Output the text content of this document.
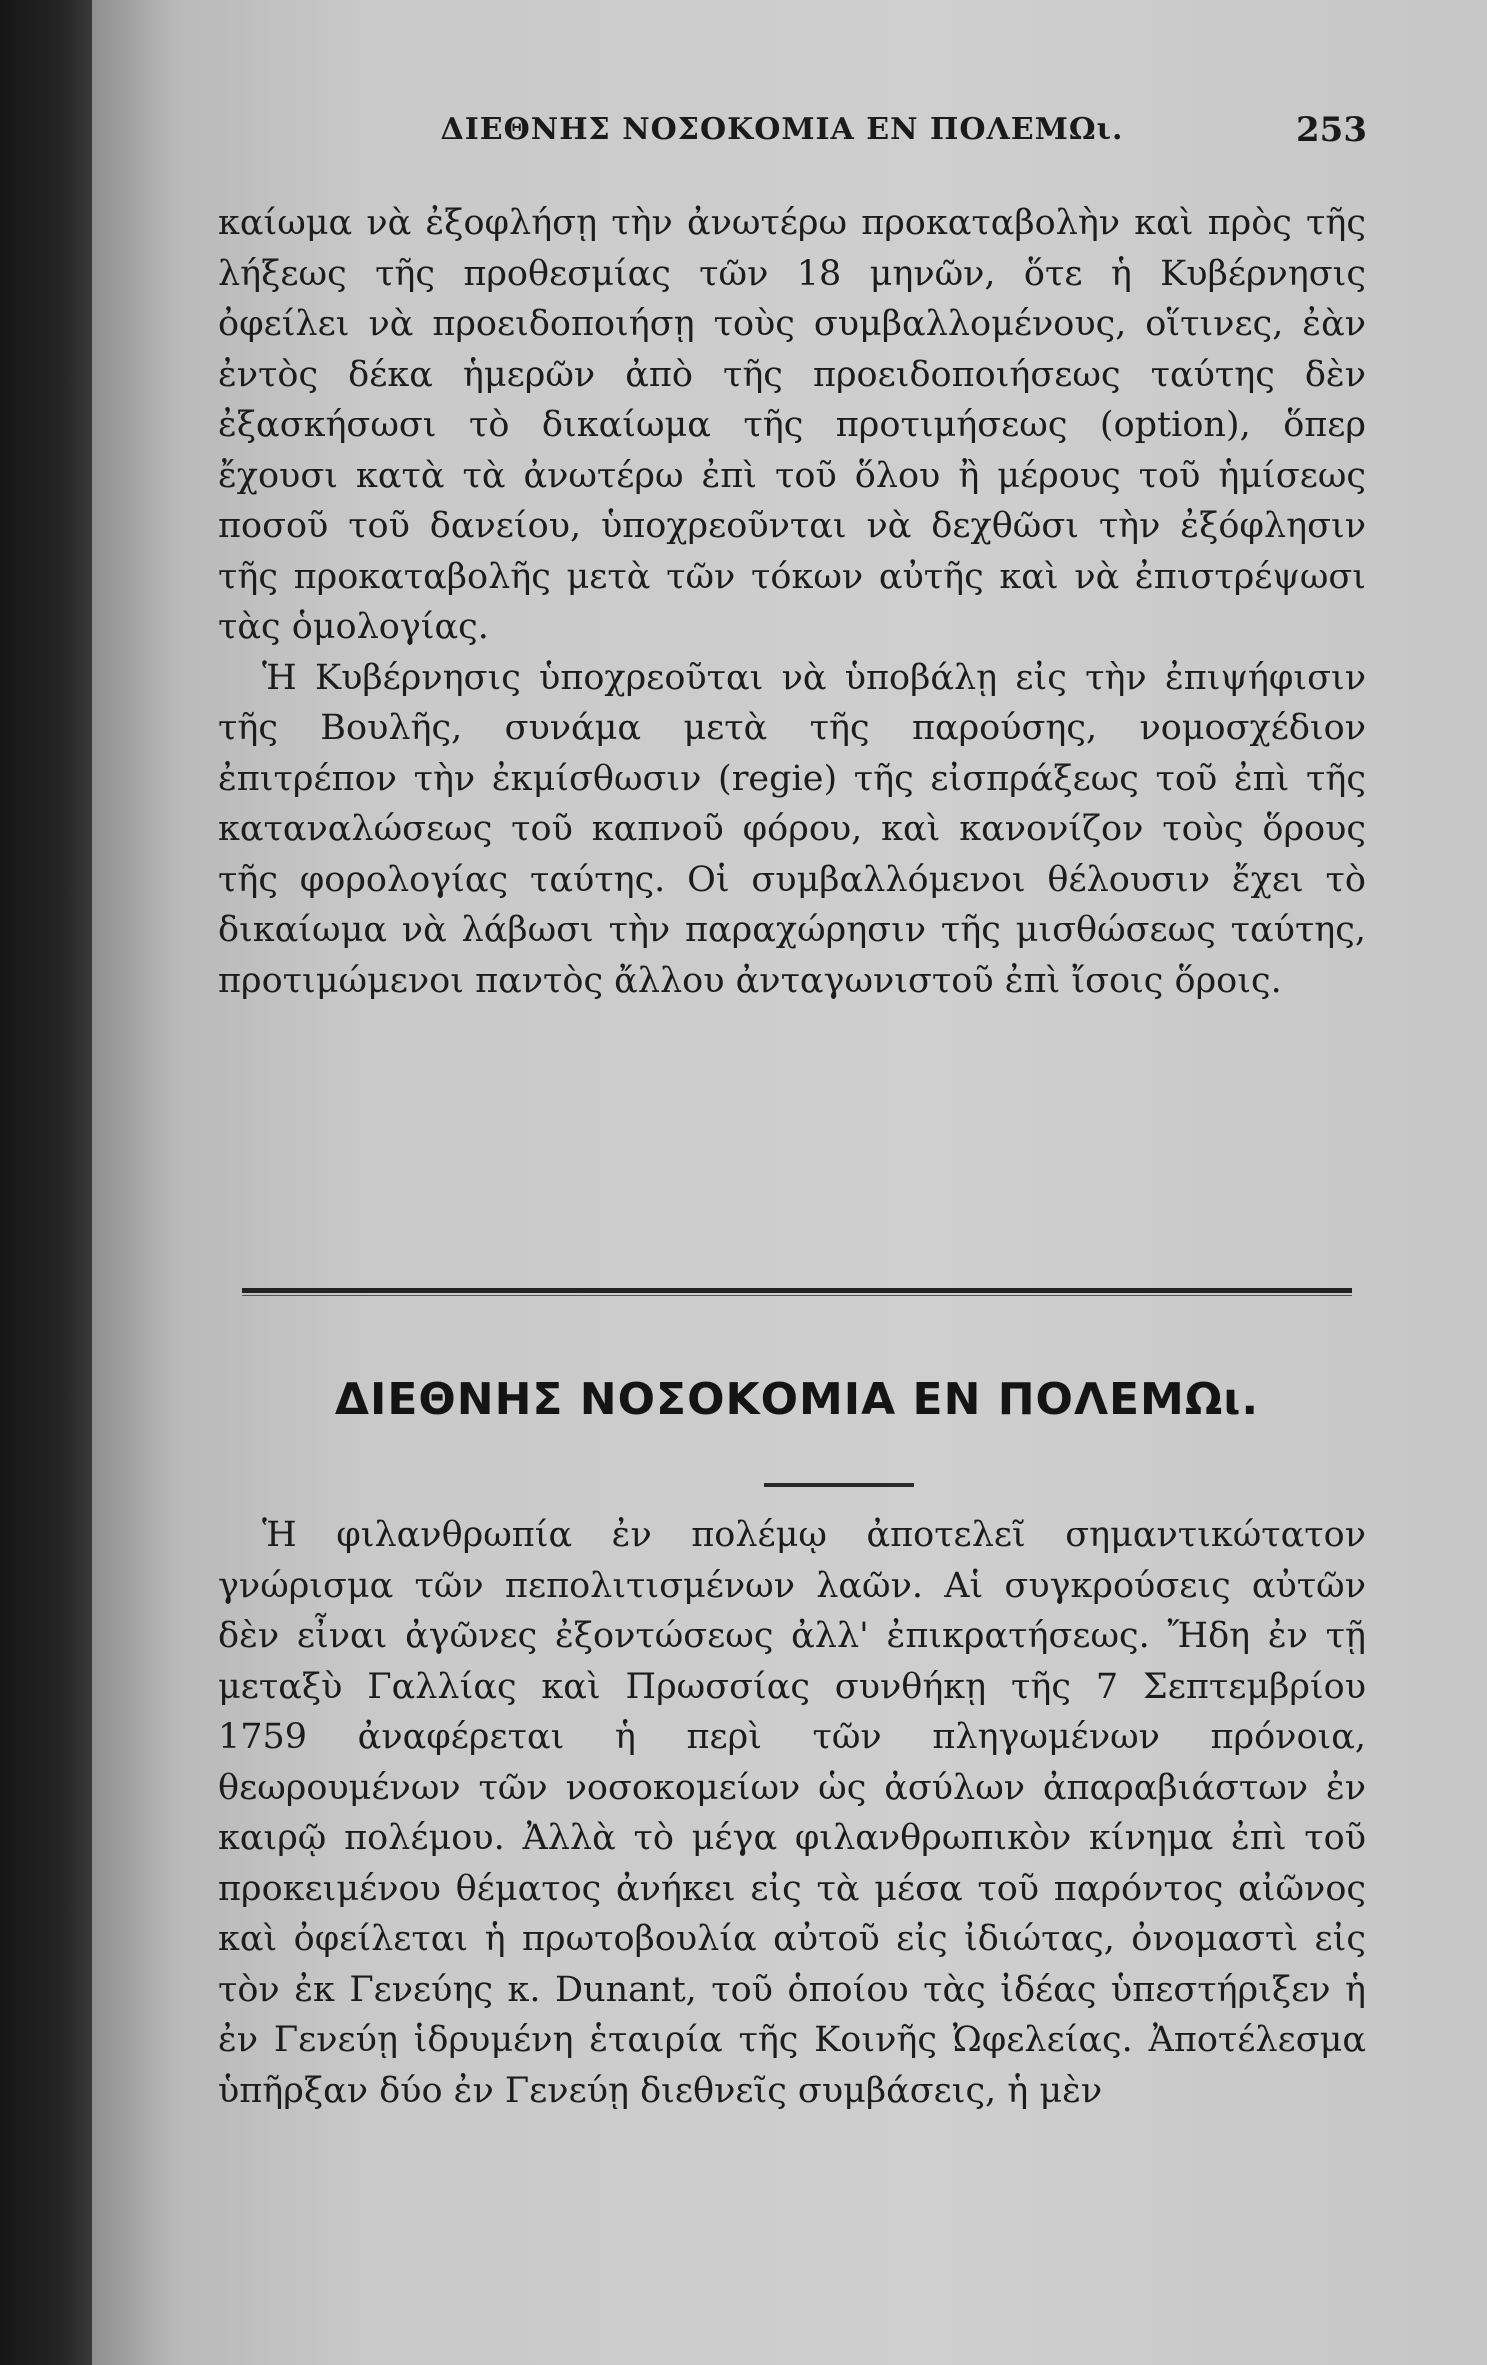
ΔΙΕΘΝΗΣ ΝΟΣΟΚΟΜΙΑ ΕΝ ΠΟΛΕΜΩι.	253

καίωμα νὰ ἐξοφλήσῃ τὴν ἀνωτέρω προκαταβολὴν καὶ πρὸς τῆς λήξεως τῆς προθεσμίας τῶν 18 μηνῶν, ὅτε ἡ Κυβέρνησις ὀφείλει νὰ προειδοποιήσῃ τοὺς συμβαλλομένους, οἵτινες, ἐὰν ἐντὸς δέκα ἡμερῶν ἀπὸ τῆς προειδοποιήσεως ταύτης δὲν ἐξασκήσωσι τὸ δικαίωμα τῆς προτιμήσεως (option), ὅπερ ἔχουσι κατὰ τὰ ἀνωτέρω ἐπὶ τοῦ ὅλου ἢ μέρους τοῦ ἡμίσεως ποσοῦ τοῦ δανείου, ὑποχρεοῦνται νὰ δεχθῶσι τὴν ἐξόφλησιν τῆς προκαταβολῆς μετὰ τῶν τόκων αὐτῆς καὶ νὰ ἐπιστρέψωσι τὰς ὁμολογίας.

Ἡ Κυβέρνησις ὑποχρεοῦται νὰ ὑποβάλῃ εἰς τὴν ἐπιψήφισιν τῆς Βουλῆς, συνάμα μετὰ τῆς παρούσης, νομοσχέδιον ἐπιτρέπον τὴν ἐκμίσθωσιν (regie) τῆς εἰσπράξεως τοῦ ἐπὶ τῆς καταναλώσεως τοῦ καπνοῦ φόρου, καὶ κανονίζον τοὺς ὅρους τῆς φορολογίας ταύτης. Οἱ συμβαλλόμενοι θέλουσιν ἔχει τὸ δικαίωμα νὰ λάβωσι τὴν παραχώρησιν τῆς μισθώσεως ταύτης, προτιμώμενοι παντὸς ἄλλου ἀνταγωνιστοῦ ἐπὶ ἴσοις ὅροις.

ΔΙΕΘΝΗΣ ΝΟΣΟΚΟΜΙΑ ΕΝ ΠΟΛΕΜΩι.

Ἡ φιλανθρωπία ἐν πολέμῳ ἀποτελεῖ σημαντικώτατον γνώρισμα τῶν πεπολιτισμένων λαῶν. Αἱ συγκρούσεις αὐτῶν δὲν εἶναι ἀγῶνες ἐξοντώσεως ἀλλ' ἐπικρατήσεως. Ἤδη ἐν τῇ μεταξὺ Γαλλίας καὶ Πρωσσίας συνθήκῃ τῆς 7 Σεπτεμβρίου 1759 ἀναφέρεται ἡ περὶ τῶν πληγωμένων πρόνοια, θεωρουμένων τῶν νοσοκομείων ὡς ἀσύλων ἀπαραβιάστων ἐν καιρῷ πολέμου. Ἀλλὰ τὸ μέγα φιλανθρωπικὸν κίνημα ἐπὶ τοῦ προκειμένου θέματος ἀνήκει εἰς τὰ μέσα τοῦ παρόντος αἰῶνος καὶ ὀφείλεται ἡ πρωτοβουλία αὐτοῦ εἰς ἰδιώτας, ὀνομαστὶ εἰς τὸν ἐκ Γενεύης κ. Dunant, τοῦ ὁποίου τὰς ἰδέας ὑπεστήριξεν ἡ ἐν Γενεύῃ ἱδρυμένη ἑταιρία τῆς Κοινῆς Ὠφελείας. Ἀποτέλεσμα ὑπῆρξαν δύο ἐν Γενεύῃ διεθνεῖς συμβάσεις, ἡ μὲν
